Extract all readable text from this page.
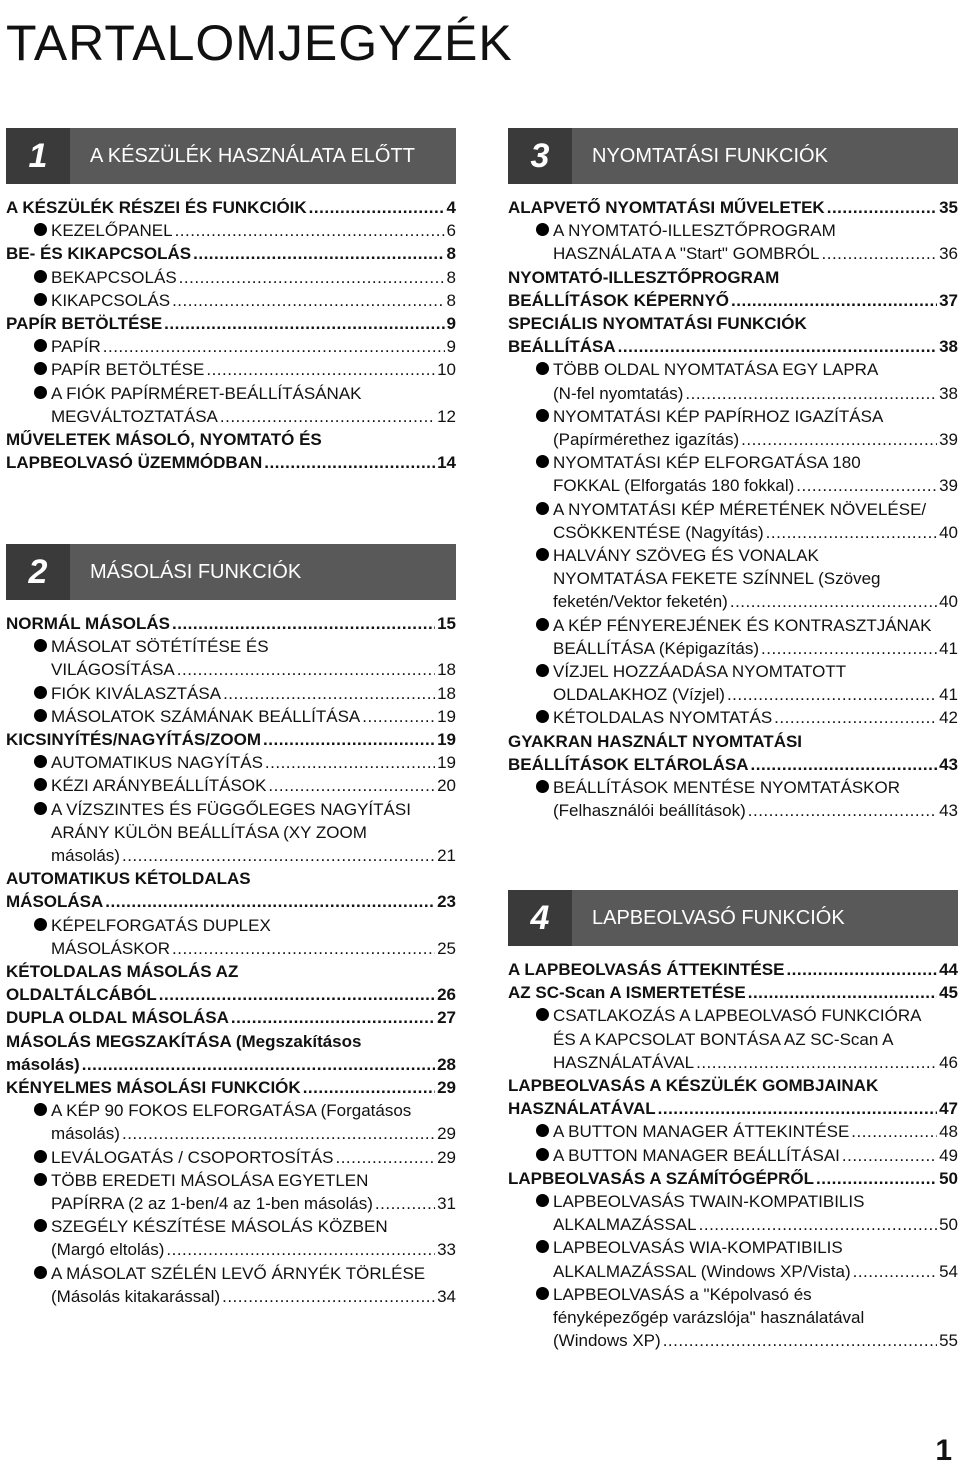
TARTALOMJEGYZÉK
1	A KÉSZÜLÉK HASZNÁLATA ELŐTT
A KÉSZÜLÉK RÉSZEI ÉS FUNKCIÓIK .....	4
KEZELŐPANEL .....	6
BE- ÉS KIKAPCSOLÁS .....	8
BEKAPCSOLÁS .....	8
KIKAPCSOLÁS .....	8
PAPÍR BETÖLTÉSE .....	9
PAPÍR .....	9
PAPÍR BETÖLTÉSE .....	10
A FIÓK PAPÍRMÉRET-BEÁLLÍTÁSÁNAK
MEGVÁLTOZTATÁSA .....	12
MŰVELETEK MÁSOLÓ, NYOMTATÓ ÉS
LAPBEOLVASÓ ÜZEMMÓDBAN .....	14
2	MÁSOLÁSI FUNKCIÓK
NORMÁL MÁSOLÁS .....	15
MÁSOLAT SÖTÉTÍTÉSE ÉS
VILÁGOSÍTÁSA .....	18
FIÓK KIVÁLASZTÁSA .....	18
MÁSOLATOK SZÁMÁNAK BEÁLLÍTÁSA .....	19
KICSINYÍTÉS/NAGYÍTÁS/ZOOM .....	19
AUTOMATIKUS NAGYÍTÁS .....	19
KÉZI ARÁNYBEÁLLÍTÁSOK .....	20
A VÍZSZINTES ÉS FÜGGŐLEGES NAGYÍTÁSI
ARÁNY KÜLÖN BEÁLLÍTÁSA (XY ZOOM
másolás) .....	21
AUTOMATIKUS KÉTOLDALAS
MÁSOLÁSA .....	23
KÉPELFORGATÁS DUPLEX
MÁSOLÁSKOR .....	25
KÉTOLDALAS MÁSOLÁS AZ
OLDALTÁLCÁBÓL .....	26
DUPLA OLDAL MÁSOLÁSA .....	27
MÁSOLÁS MEGSZAKÍTÁSA (Megszakításos
másolás) .....	28
KÉNYELMES MÁSOLÁSI FUNKCIÓK .....	29
A KÉP 90 FOKOS ELFORGATÁSA (Forgatásos
másolás) .....	29
LEVÁLOGATÁS / CSOPORTOSÍTÁS .....	29
TÖBB EREDETI MÁSOLÁSA EGYETLEN
PAPÍRRA (2 az 1-ben/4 az 1-ben másolás) .....	31
SZEGÉLY KÉSZÍTÉSE MÁSOLÁS KÖZBEN
(Margó eltolás) .....	33
A MÁSOLAT SZÉLÉN LEVŐ ÁRNYÉK TÖRLÉSE
(Másolás kitakarással) .....	34
3	NYOMTATÁSI FUNKCIÓK
ALAPVETŐ NYOMTATÁSI MŰVELETEK .....	35
A NYOMTATÓ-ILLESZTŐPROGRAM
HASZNÁLATA A "Start" GOMBRÓL .....	36
NYOMTATÓ-ILLESZTŐPROGRAM
BEÁLLÍTÁSOK KÉPERNYŐ .....	37
SPECIÁLIS NYOMTATÁSI FUNKCIÓK
BEÁLLÍTÁSA .....	38
TÖBB OLDAL NYOMTATÁSA EGY LAPRA
(N-fel nyomtatás) .....	38
NYOMTATÁSI KÉP PAPÍRHOZ IGAZÍTÁSA
(Papírmérethez igazítás) .....	39
NYOMTATÁSI KÉP ELFORGATÁSA 180
FOKKAL (Elforgatás 180 fokkal) .....	39
A NYOMTATÁSI KÉP MÉRETÉNEK NÖVELÉSE/
CSÖKKENTÉSE (Nagyítás) .....	40
HALVÁNY SZÖVEG ÉS VONALAK
NYOMTATÁSA FEKETE SZÍNNEL (Szöveg
feketén/Vektor feketén) .....	40
A KÉP FÉNYEREJÉNEK ÉS KONTRASZTJÁNAK
BEÁLLÍTÁSA (Képigazítás) .....	41
VÍZJEL HOZZÁADÁSA NYOMTATOTT
OLDALAKHOZ (Vízjel) .....	41
KÉTOLDALAS NYOMTATÁS .....	42
GYAKRAN HASZNÁLT NYOMTATÁSI
BEÁLLÍTÁSOK ELTÁROLÁSA .....	43
BEÁLLÍTÁSOK MENTÉSE NYOMTATÁSKOR
(Felhasználói beállítások) .....	43
4	LAPBEOLVASÓ FUNKCIÓK
A LAPBEOLVASÁS ÁTTEKINTÉSE .....	44
AZ SC-Scan A ISMERTETÉSE .....	45
CSATLAKOZÁS A LAPBEOLVASÓ FUNKCIÓRA
ÉS A KAPCSOLAT BONTÁSA AZ SC-Scan A
HASZNÁLATÁVAL .....	46
LAPBEOLVASÁS A KÉSZÜLÉK GOMBJAINAK
HASZNÁLATÁVAL .....	47
A BUTTON MANAGER ÁTTEKINTÉSE .....	48
A BUTTON MANAGER BEÁLLÍTÁSAI .....	49
LAPBEOLVASÁS A SZÁMÍTÓGÉPRŐL .....	50
LAPBEOLVASÁS TWAIN-KOMPATIBILIS
ALKALMAZÁSSAL .....	50
LAPBEOLVASÁS WIA-KOMPATIBILIS
ALKALMAZÁSSAL (Windows XP/Vista) .....	54
LAPBEOLVASÁS a "Képolvasó és
fényképezőgép varázslója" használatával
(Windows XP) .....	55
1
